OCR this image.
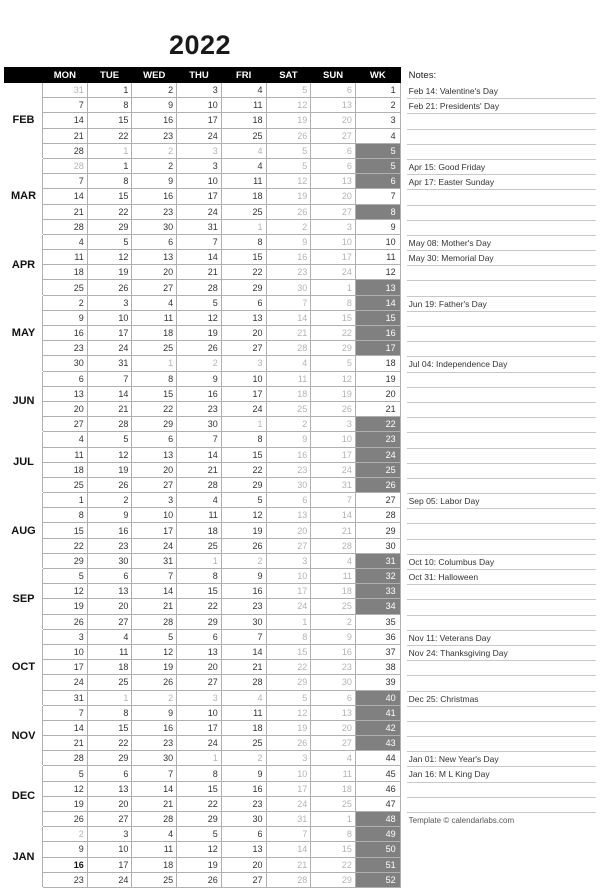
2022
	MON	TUE	WED	THU	FRI	SAT	SUN	WK
FEB	31	1	2	3	4	5	6	1
	7	8	9	10	11	12	13	2
	14	15	16	17	18	19	20	3
	21	22	23	24	25	26	27	4
	28	1	2	3	4	5	6	5
MAR	28	1	2	3	4	5	6	5
	7	8	9	10	11	12	13	6
	14	15	16	17	18	19	20	7
	21	22	23	24	25	26	27	8
	28	29	30	31	1	2	3	9
APR	4	5	6	7	8	9	10	10
	11	12	13	14	15	16	17	11
	18	19	20	21	22	23	24	12
	25	26	27	28	29	30	1	13
MAY	2	3	4	5	6	7	8	14
	9	10	11	12	13	14	15	15
	16	17	18	19	20	21	22	16
	23	24	25	26	27	28	29	17
	30	31	1	2	3	4	5	18
JUN	6	7	8	9	10	11	12	19
	13	14	15	16	17	18	19	20
	20	21	22	23	24	25	26	21
	27	28	29	30	1	2	3	22
JUL	4	5	6	7	8	9	10	23
	11	12	13	14	15	16	17	24
	18	19	20	21	22	23	24	25
	25	26	27	28	29	30	31	26
AUG	1	2	3	4	5	6	7	27
	8	9	10	11	12	13	14	28
	15	16	17	18	19	20	21	29
	22	23	24	25	26	27	28	30
	29	30	31	1	2	3	4	31
SEP	5	6	7	8	9	10	11	32
	12	13	14	15	16	17	18	33
	19	20	21	22	23	24	25	34
	26	27	28	29	30	1	2	35
OCT	3	4	5	6	7	8	9	36
	10	11	12	13	14	15	16	37
	17	18	19	20	21	22	23	38
	24	25	26	27	28	29	30	39
	31	1	2	3	4	5	6	40
NOV	7	8	9	10	11	12	13	41
	14	15	16	17	18	19	20	42
	21	22	23	24	25	26	27	43
	28	29	30	1	2	3	4	44
DEC	5	6	7	8	9	10	11	45
	12	13	14	15	16	17	18	46
	19	20	21	22	23	24	25	47
	26	27	28	29	30	31	1	48
JAN	2	3	4	5	6	7	8	49
	9	10	11	12	13	14	15	50
	16	17	18	19	20	21	22	51
	23	24	25	26	27	28	29	52
Notes:
Feb 14: Valentine's Day
Feb 21: Presidents' Day
Apr 15: Good Friday
Apr 17: Easter Sunday
May 08: Mother's Day
May 30: Memorial Day
Jun 19: Father's Day
Jul 04: Independence Day
Sep 05: Labor Day
Oct 10: Columbus Day
Oct 31: Halloween
Nov 11: Veterans Day
Nov 24: Thanksgiving Day
Dec 25: Christmas
Jan 01: New Year's Day
Jan 16: M L King Day
Template © calendarlabs.com
